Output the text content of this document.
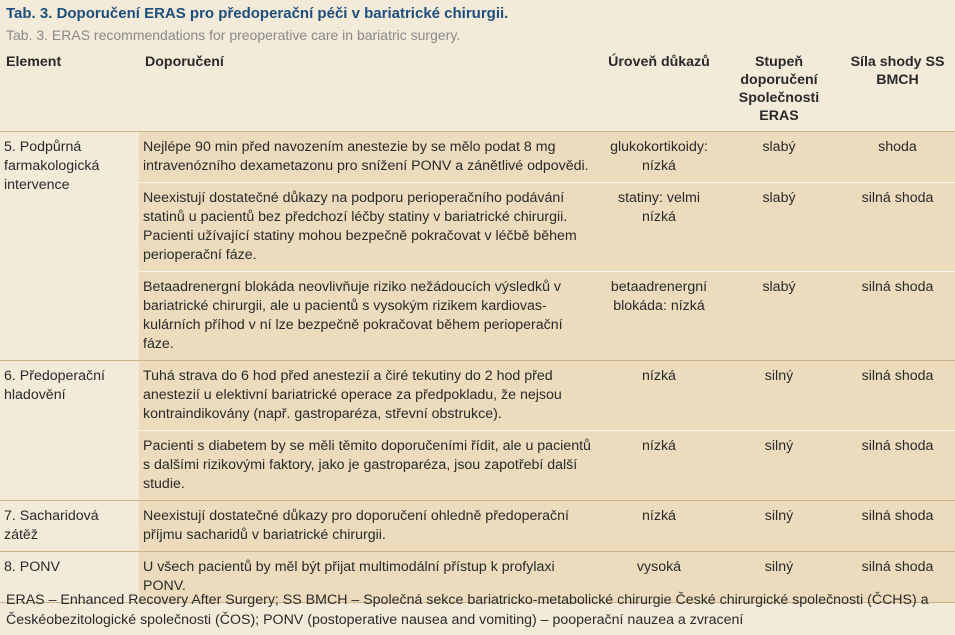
Tab. 3. Doporučení ERAS pro předoperační péči v bariatrické chirurgii.
Tab. 3. ERAS recommendations for preoperative care in bariatric surgery.
Element	Doporučení	Úroveň důkazů	Stupeň doporučení Společnosti ERAS	Síla shody SS BMCH
5. Podpůrná farmakologická intervence	Nejlépe 90 min před navozením anestezie by se mělo podat 8 mg intravenózního dexametazonu pro snížení PONV a zánětlivé odpovědi.	glukokortikoidy: nízká	slabý	shoda
	Neexistují dostatečné důkazy na podporu perioperačního podávání statinů u pacientů bez předchozí léčby statiny v bariatrické chirurgii. Pacienti užívající statiny mohou bezpečně pokračovat v léčbě během perioperační fáze.	statiny: velmi nízká	slabý	silná shoda
	Betaadrenergní blokáda neovlivňuje riziko nežádoucích výsledků v bariatrické chirurgii, ale u pacientů s vysokým rizikem kardiovaskulárních příhod v ní lze bezpečně pokračovat během perioperační fáze.	betaadrenergní blokáda: nízká	slabý	silná shoda
6. Předoperační hladovění	Tuhá strava do 6 hod před anestezií a čiré tekutiny do 2 hod před anestezií u elektivní bariatrické operace za předpokladu, že nejsou kontraindikovány (např. gastroparéza, střevní obstrukce).	nízká	silný	silná shoda
	Pacienti s diabetem by se měli těmito doporučeními řídit, ale u pacientů s dalšími rizikovými faktory, jako je gastroparéza, jsou zapotřebí další studie.	nízká	silný	silná shoda
7. Sacharidová zátěž	Neexistují dostatečné důkazy pro doporučení ohledně předoperační příjmu sacharidů v bariatrické chirurgii.	nízká	silný	silná shoda
8. PONV	U všech pacientů by měl být přijat multimodální přístup k profylaxi PONV.	vysoká	silný	silná shoda
ERAS – Enhanced Recovery After Surgery; SS BMCH – Společná sekce bariatricko-metabolické chirurgie České chirurgické společnosti (ČCHS) a Českéobezitologické společnosti (ČOS); PONV (postoperative nausea and vomiting) – pooperační nauzea a zvracení
